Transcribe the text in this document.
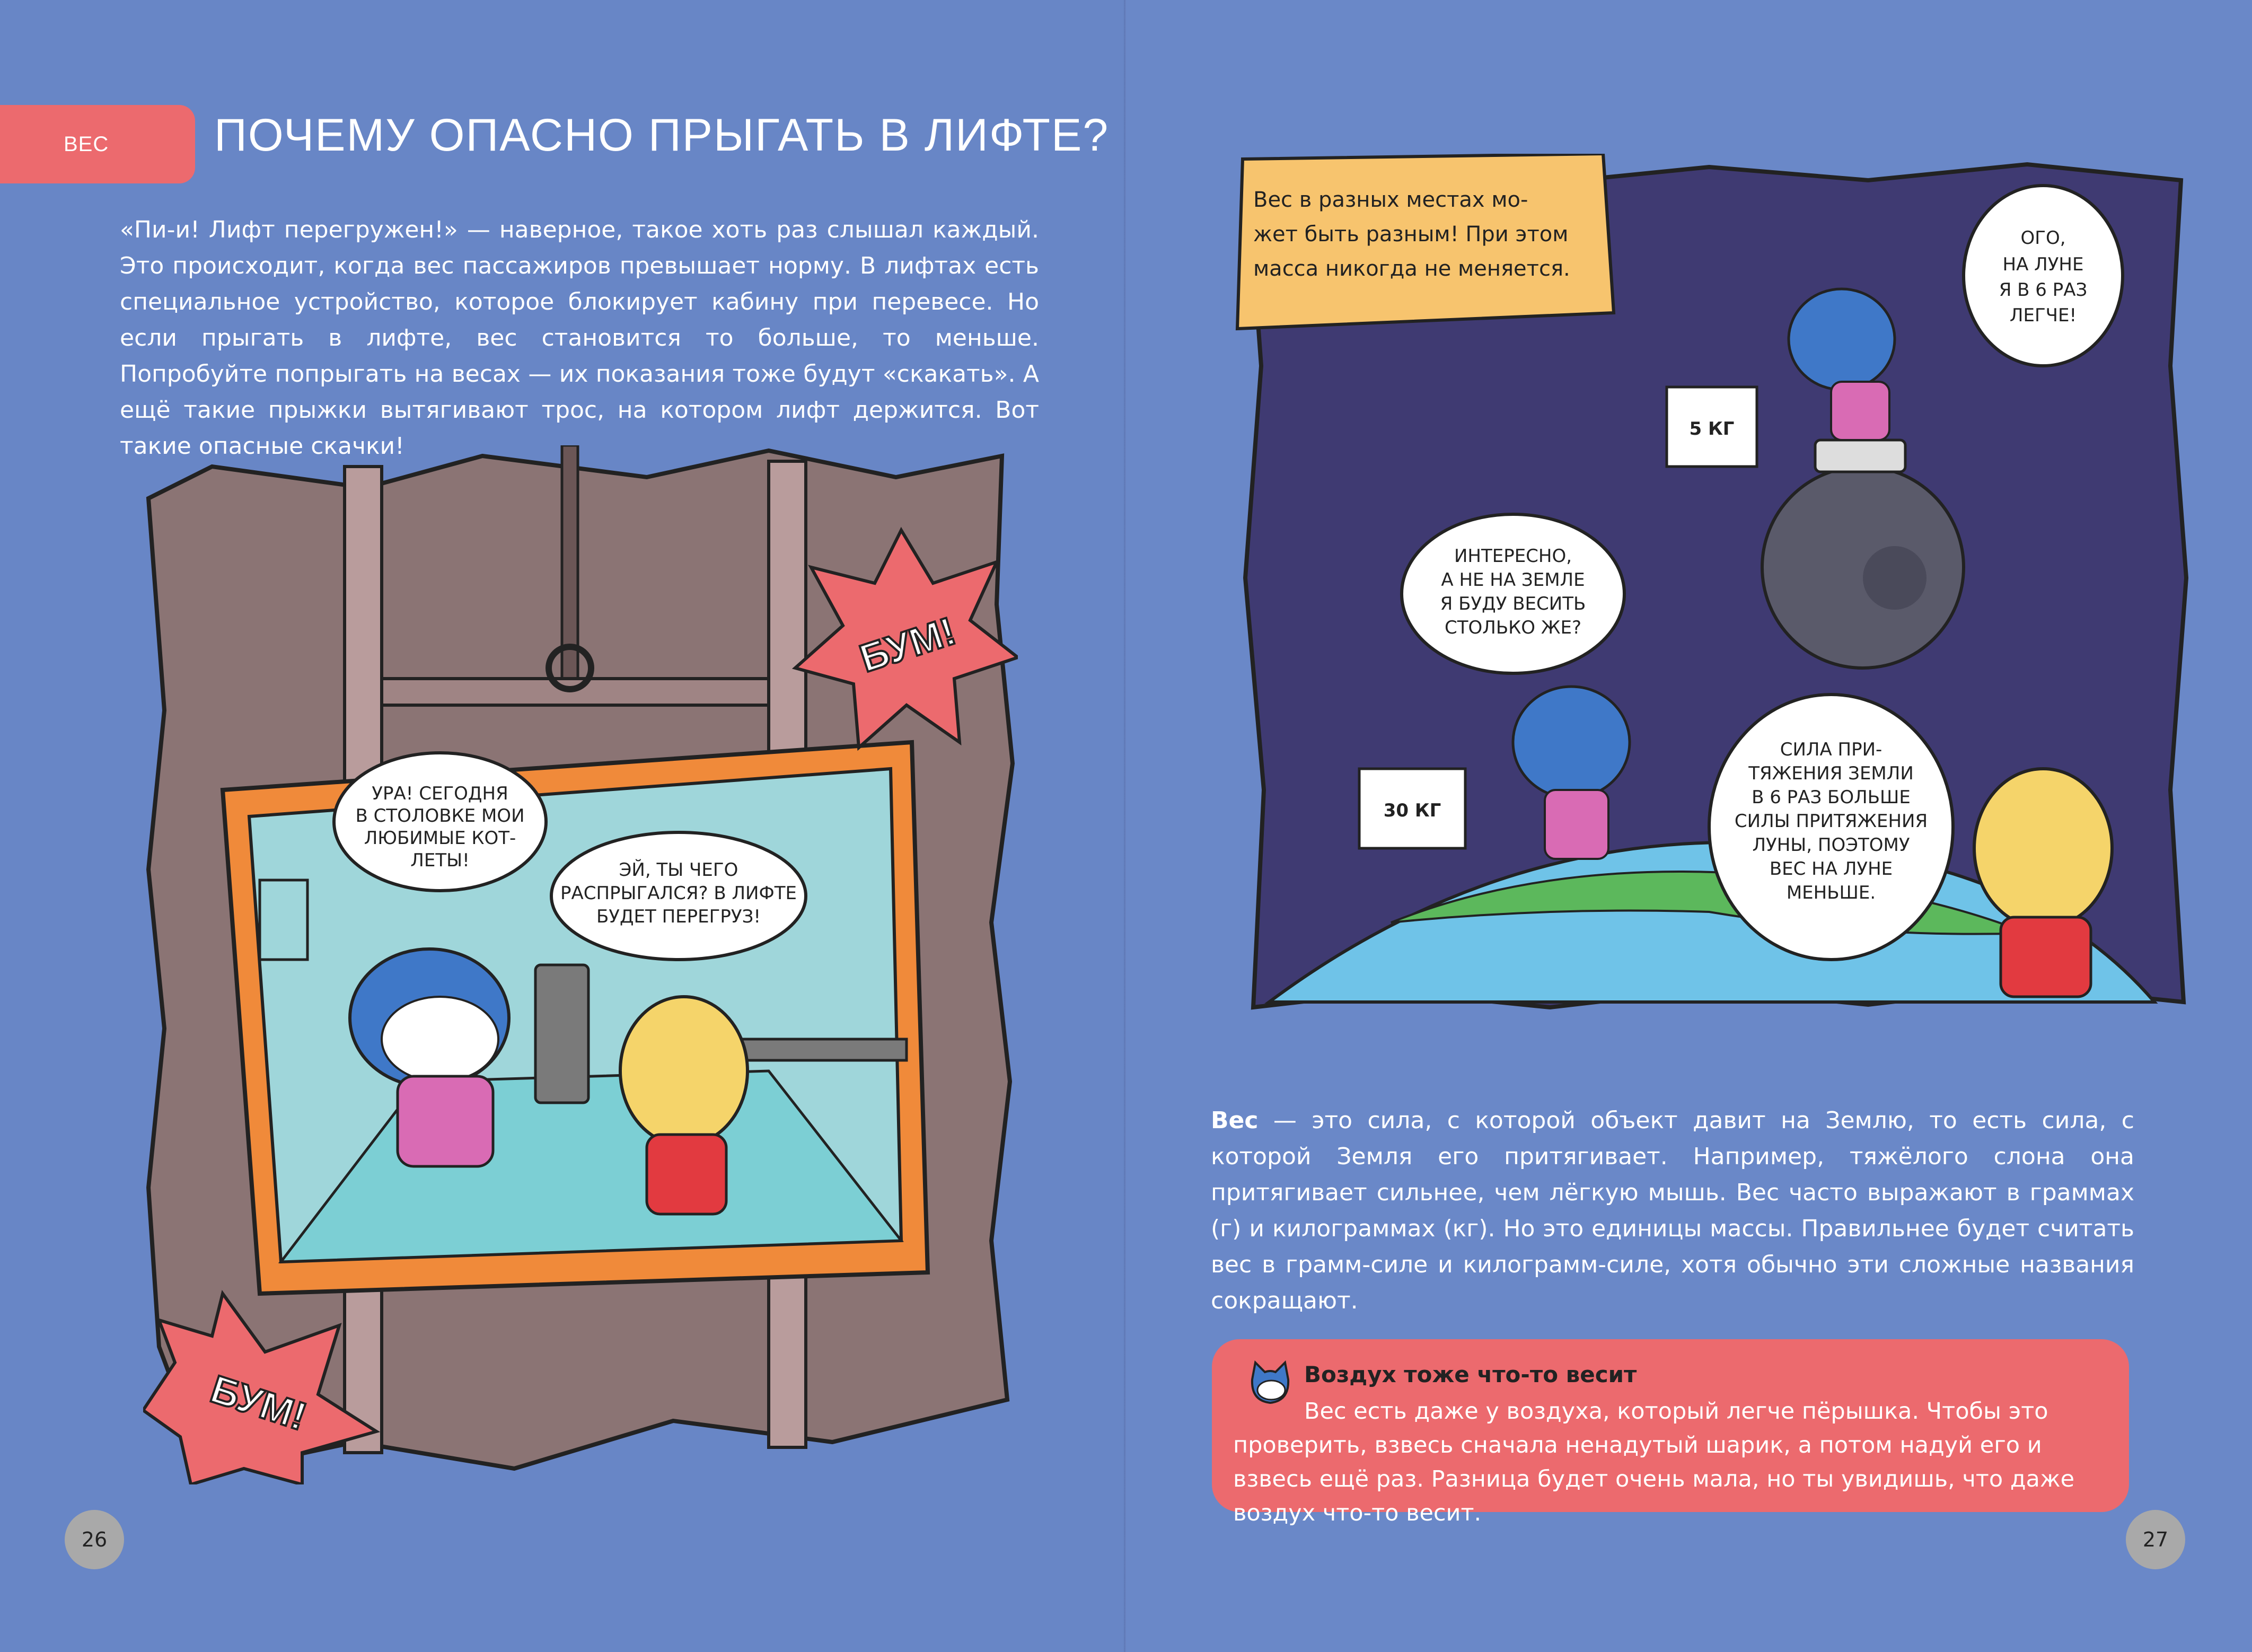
ВЕС	ПОЧЕМУ ОПАСНО ПРЫГАТЬ В ЛИФТЕ?
«Пи-и! Лифт перегружен!» — наверное, такое хоть раз слышал каждый. Это происходит, когда вес пассажиров превышает норму. В лифтах есть специальное устройство, которое блокирует кабину при перевесе. Но если прыгать в лифте, вес становится то больше, то меньше. Попробуйте попрыгать на весах — их показания тоже будут «скакать». А ещё такие прыжки вытягивают трос, на котором лифт держится. Вот такие опасные скачки!
УРА! СЕГОДНЯ
В СТОЛОВКЕ МОИ
ЛЮБИМЫЕ КОТ-
ЛЕТЫ!	ЭЙ, ТЫ ЧЕГО
РАСПРЫГАЛСЯ? В ЛИФТЕ
БУДЕТ ПЕРЕГРУЗ!
БУМ!
БУМ!
26
Вес в разных местах мо-
жет быть разным! При этом
масса никогда не меняется.
ОГО,
НА ЛУНЕ
Я В 6 РАЗ
ЛЕГЧЕ!
5 КГ
ИНТЕРЕСНО,
А НЕ НА ЗЕМЛЕ
Я БУДУ ВЕСИТЬ
СТОЛЬКО ЖЕ?
30 КГ
СИЛА ПРИ-
ТЯЖЕНИЯ ЗЕМЛИ
В 6 РАЗ БОЛЬШЕ
СИЛЫ ПРИТЯЖЕНИЯ
ЛУНЫ, ПОЭТОМУ
ВЕС НА ЛУНЕ
МЕНЬШЕ.
Вес — это сила, с которой объект давит на Землю, то есть сила, с которой Земля его притягивает. Например, тяжёлого слона она притягивает сильнее, чем лёгкую мышь. Вес часто выражают в граммах (г) и килограммах (кг). Но это единицы массы. Правильнее будет считать вес в грамм-силе и килограмм-силе, хотя обычно эти сложные названия сокращают.
Воздух тоже что-то весит
Вес есть даже у воздуха, который легче пёрышка. Чтобы это проверить, взвесь сначала ненадутый шарик, а потом надуй его и взвесь ещё раз. Разница будет очень мала, но ты увидишь, что даже воздух что-то весит.
27
